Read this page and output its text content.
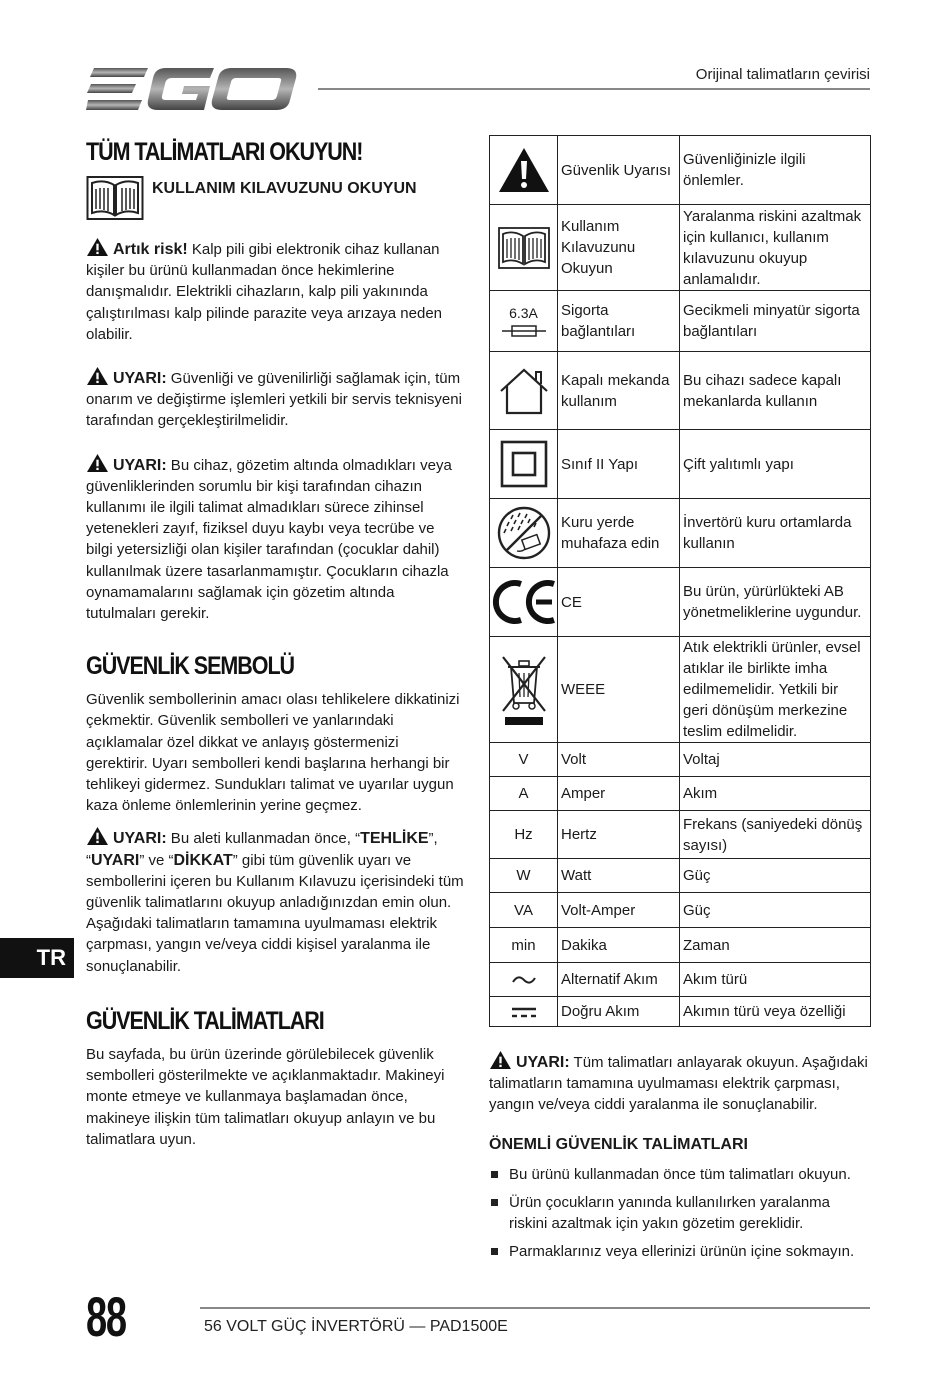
Orijinal talimatların çevirisi
TÜM TALİMATLARI OKUYUN!
KULLANIM KILAVUZUNU OKUYUN

Artık risk! Kalp pili gibi elektronik cihaz kullanan kişiler bu ürünü kullanmadan önce hekimlerine danışmalıdır. Elektrikli cihazların, kalp pili yakınında çalıştırılması kalp pilinde parazite veya arızaya neden olabilir.

UYARI: Güvenliği ve güvenilirliği sağlamak için, tüm onarım ve değiştirme işlemleri yetkili bir servis teknisyeni tarafından gerçekleştirilmelidir.

UYARI: Bu cihaz, gözetim altında olmadıkları veya güvenliklerinden sorumlu bir kişi tarafından cihazın kullanımı ile ilgili talimat almadıkları sürece zihinsel yetenekleri zayıf, fiziksel duyu kaybı veya tecrübe ve bilgi yetersizliği olan kişiler tarafından (çocuklar dahil) kullanılmak üzere tasarlanmamıştır. Çocukların cihazla oynamamalarını sağlamak için gözetim altında tutulmaları gerekir.

GÜVENLİK SEMBOLÜ

Güvenlik sembollerinin amacı olası tehlikelere dikkatinizi çekmektir. Güvenlik sembolleri ve yanlarındaki açıklamalar özel dikkat ve anlayış göstermenizi gerektirir. Uyarı sembolleri kendi başlarına herhangi bir tehlikeyi gidermez. Sundukları talimat ve uyarılar uygun kaza önleme önlemlerinin yerine geçmez.

UYARI: Bu aleti kullanmadan önce, “TEHLİKE”, “UYARI” ve “DİKKAT” gibi tüm güvenlik uyarı ve sembollerini içeren bu Kullanım Kılavuzu içerisindeki tüm güvenlik talimatlarını okuyup anladığınızdan emin olun. Aşağıdaki talimatların tamamına uyulmaması elektrik çarpması, yangın ve/veya ciddi kişisel yaralanma ile sonuçlanabilir.

GÜVENLİK TALİMATLARI

Bu sayfada, bu ürün üzerinde görülebilecek güvenlik sembolleri gösterilmekte ve açıklanmaktadır. Makineyi monte etmeye ve kullanmaya başlamadan önce, makineye ilişkin tüm talimatları okuyup anlayın ve bu talimatlara uyun.

	Güvenlik Uyarısı	Güvenliğinizle ilgili önlemler.

	Kullanım Kılavuzunu Okuyun	Yaralanma riskini azaltmak için kullanıcı, kullanım kılavuzunu okuyup anlamalıdır.

6.3A	Sigorta bağlantıları	Gecikmeli minyatür sigorta bağlantıları

	Kapalı mekanda kullanım	Bu cihazı sadece kapalı mekanlarda kullanın

	Sınıf II Yapı	Çift yalıtımlı yapı

	Kuru yerde muhafaza edin	İnvertörü kuru ortamlarda kullanın

	CE	Bu ürün, yürürlükteki AB yönetmeliklerine uygundur.

	WEEE	Atık elektrikli ürünler, evsel atıklar ile birlikte imha edilmemelidir. Yetkili bir geri dönüşüm merkezine teslim edilmelidir.
V	Volt	Voltaj
A	Amper	Akım
Hz	Hertz	Frekans (saniyedeki dönüş sayısı)
W	Watt	Güç
VA	Volt-Amper	Güç
min	Dakika	Zaman

	Alternatif Akım	Akım türü

	Doğru Akım	Akımın türü veya özelliği

UYARI: Tüm talimatları anlayarak okuyun. Aşağıdaki talimatların tamamına uyulmaması elektrik çarpması, yangın ve/veya ciddi yaralanma ile sonuçlanabilir.

ÖNEMLİ GÜVENLİK TALİMATLARI
Bu ürünü kullanmadan önce tüm talimatları okuyun.
Ürün çocukların yanında kullanılırken yaralanma riskini azaltmak için yakın gözetim gereklidir.
Parmaklarınız veya ellerinizi ürünün içine sokmayın.
TR
88	56 VOLT GÜÇ İNVERTÖRÜ — PAD1500E
